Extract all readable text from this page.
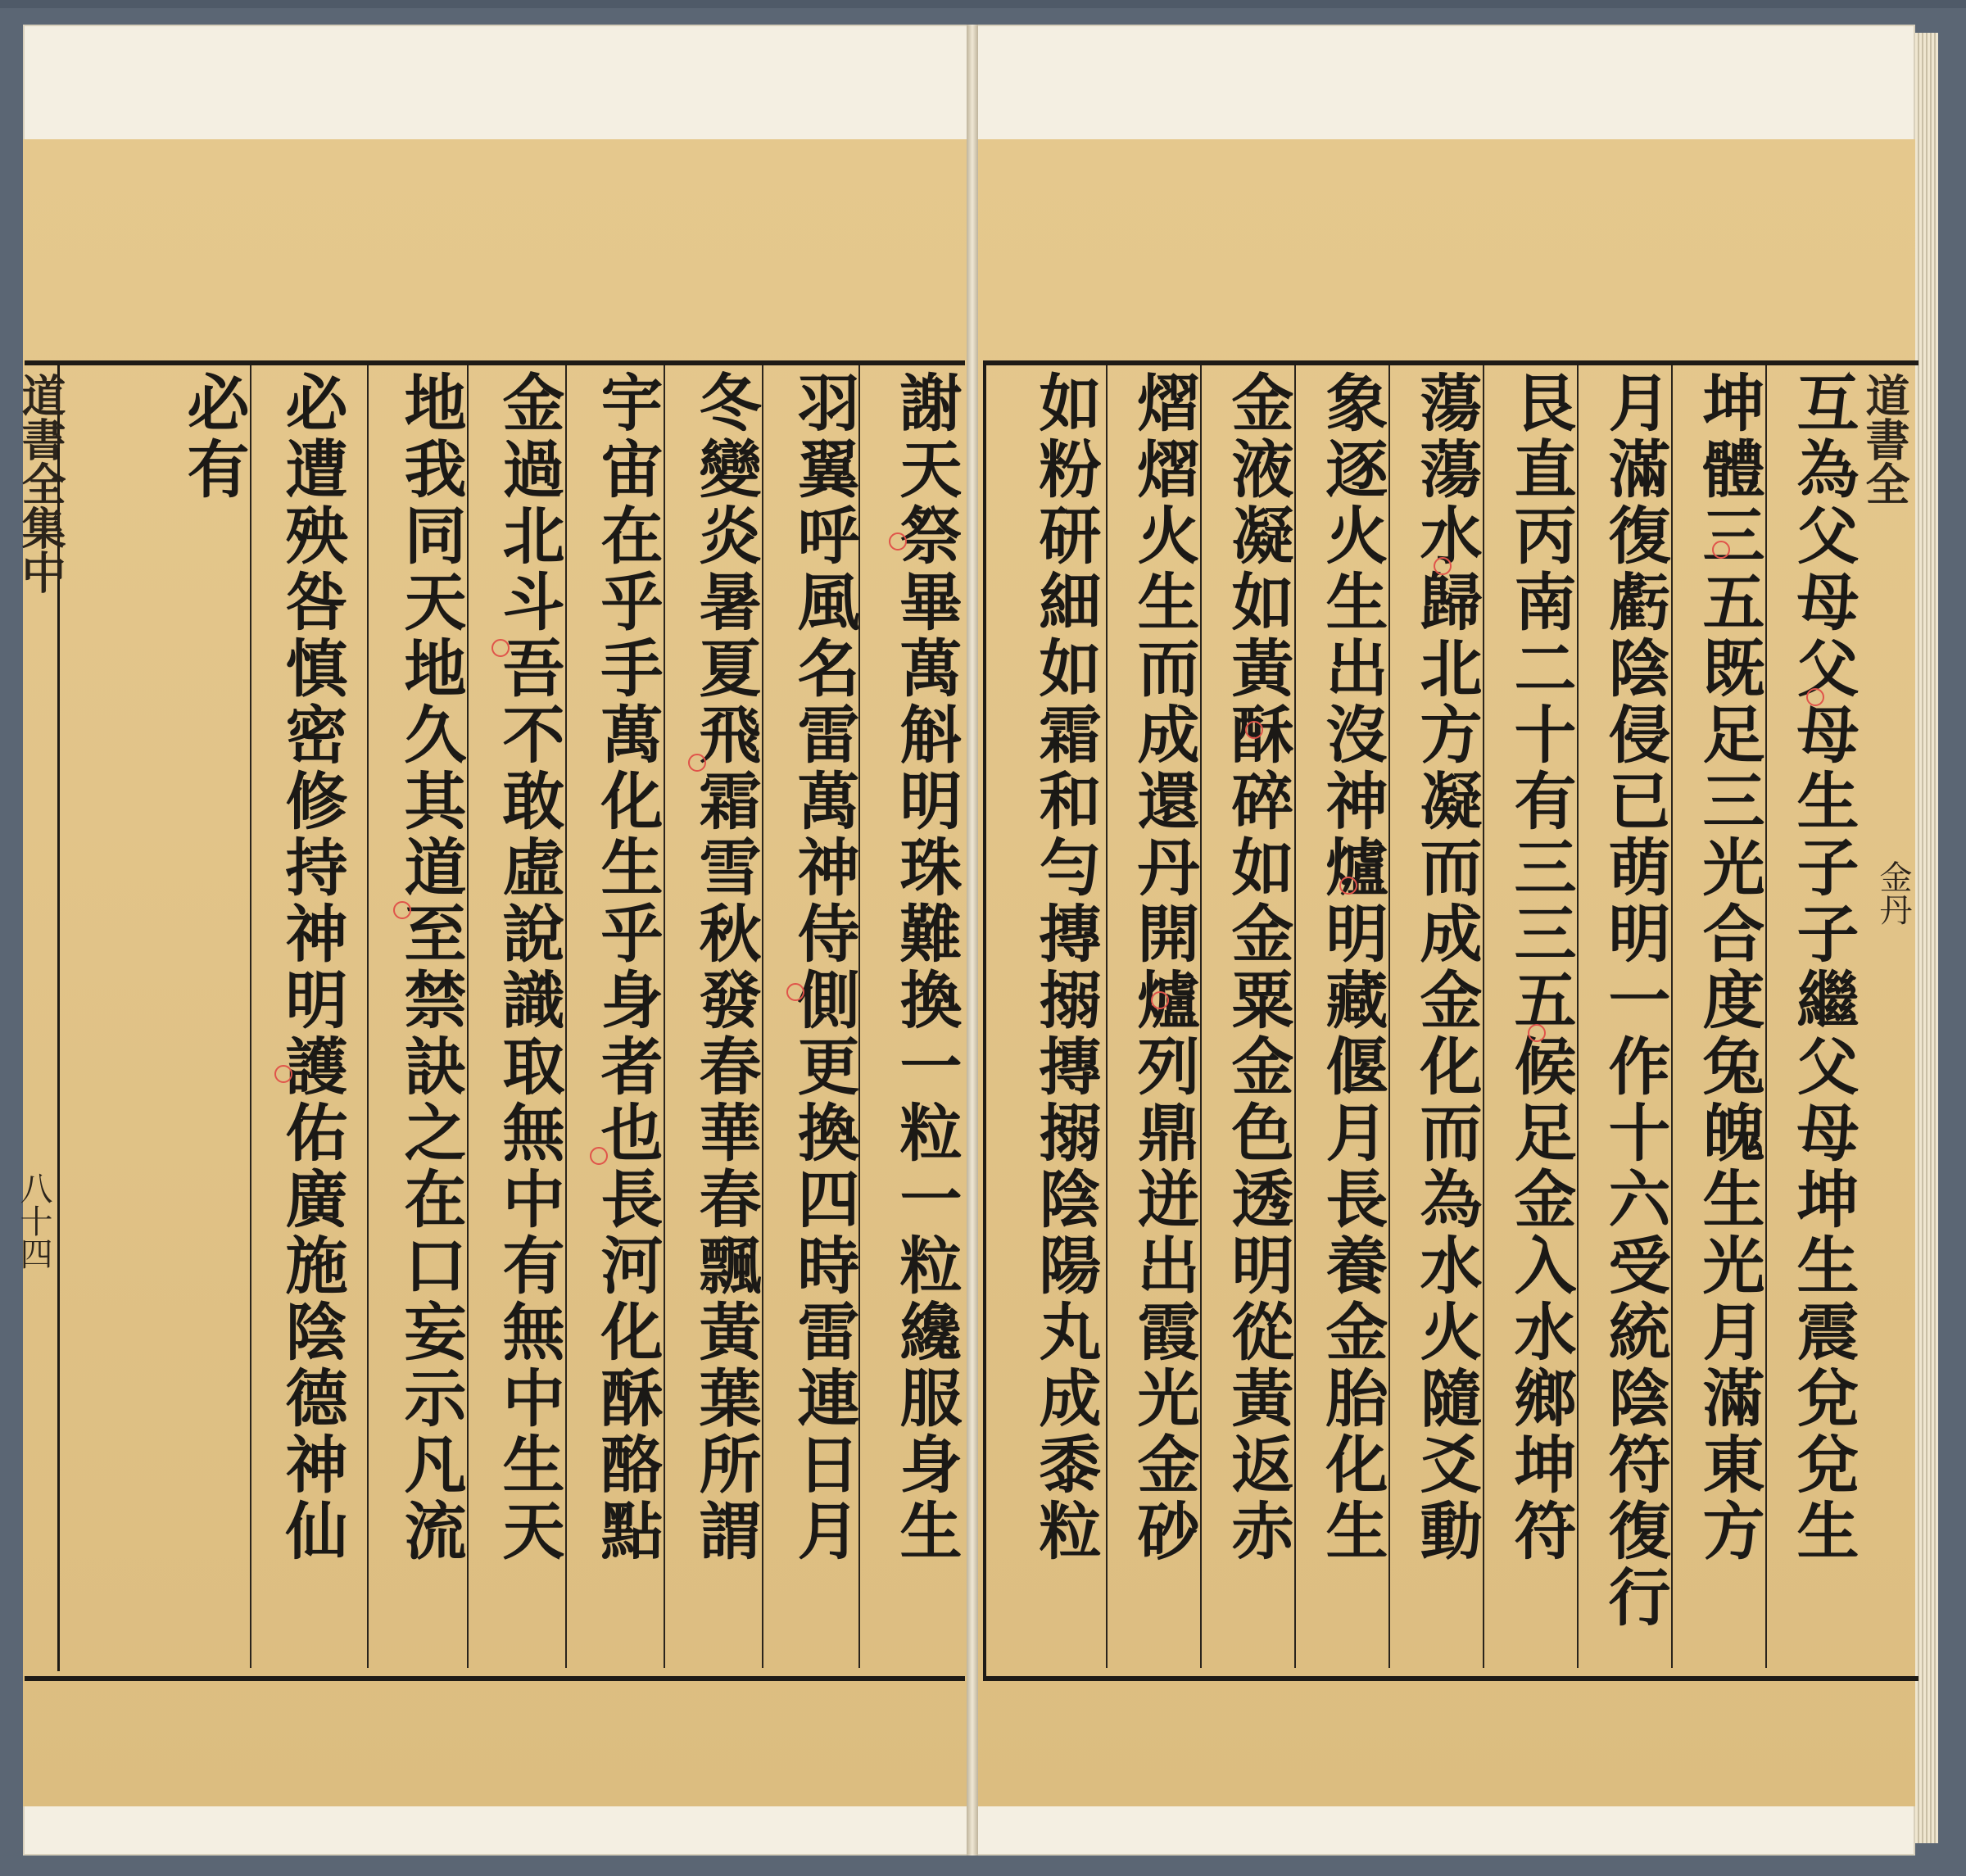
道書全集中
八十四	謝天祭畢萬斛明珠難換一粒一粒纔服身生
羽翼呼風名雷萬神侍側更換四時雷連日月
冬變炎暑夏飛霜雪秋發春華春飄黃葉所謂
宇宙在乎手萬化生乎身者也長河化酥酪點
金過北斗吾不敢虛說識取無中有無中生天
地我同天地久其道至禁訣之在口妄示凡流
必遭殃咎慎密修持神明護佑廣施陰德神仙
必有	道書全
金丹
互為父母父母生子子繼父母坤生震兌兌生
坤體三五既足三光合度兔魄生光月滿東方
月滿復虧陰侵已萌明一作十六受統陰符復行
艮直丙南二十有三三五候足金入水鄉坤符
蕩蕩水歸北方凝而成金化而為水火隨爻動
象逐火生出沒神爐明藏偃月長養金胎化生
金液凝如黃酥碎如金粟金色透明從黃返赤
熠熠火生而成還丹開爐列鼎迸出霞光金砂
如粉研細如霜和勻摶搦摶搦陰陽丸成黍粒
